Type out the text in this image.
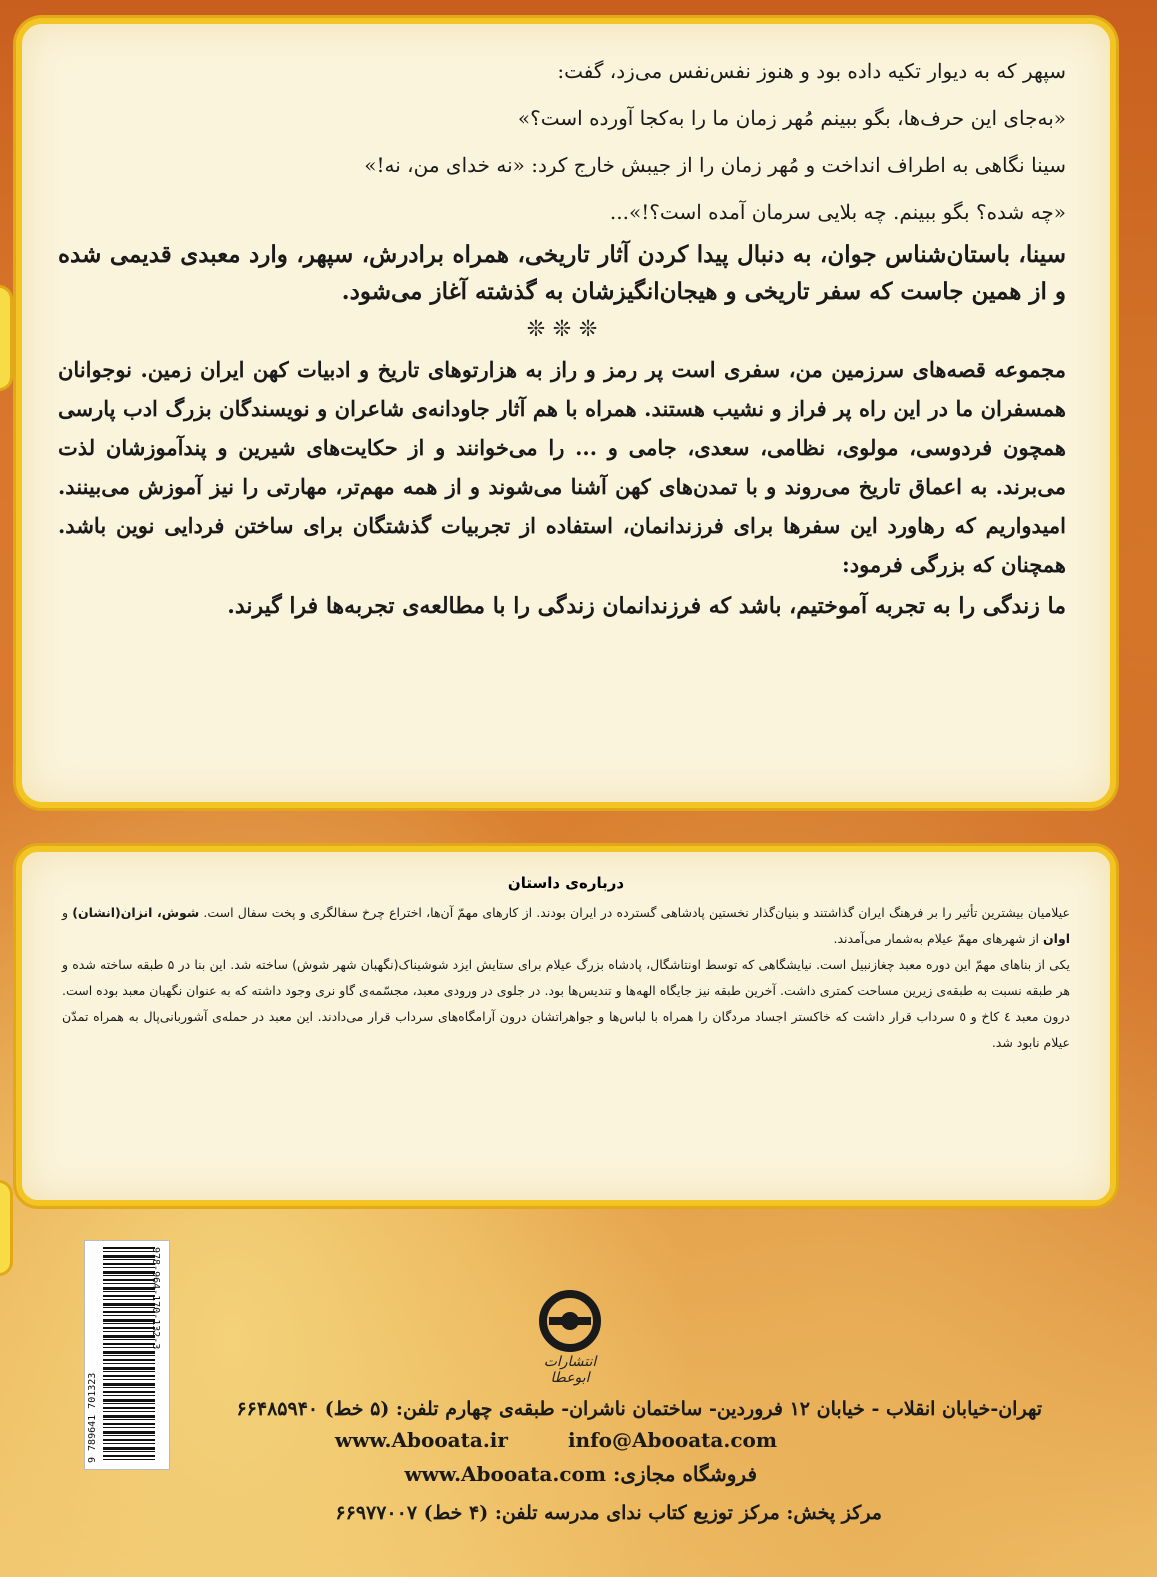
سپهر که به دیوار تکیه داده بود و هنوز نفس‌نفس می‌زد، گفت:

«به‌جای این حرف‌ها، بگو ببینم مُهر زمان ما را به‌کجا آورده است؟»

سینا نگاهی به اطراف انداخت و مُهر زمان را از جیبش خارج کرد: «نه خدای من، نه!»

«چه شده؟ بگو ببینم. چه بلایی سرمان آمده است؟!»...

سینا، باستان‌شناس جوان، به دنبال پیدا کردن آثار تاریخی، همراه برادرش، سپهر، وارد معبدی قدیمی شده و از همین جاست که سفر تاریخی و هیجان‌انگیزشان به گذشته آغاز می‌شود.

❊ ❊ ❊

مجموعه قصه‌های سرزمین من، سفری است پر رمز و راز به هزارتوهای تاریخ و ادبیات کهن ایران زمین. نوجوانان همسفران ما در این راه پر فراز و نشیب هستند. همراه با هم آثار جاودانه‌ی شاعران و نویسندگان بزرگ ادب پارسی همچون فردوسی، مولوی، نظامی، سعدی، جامی و ... را می‌خوانند و از حکایت‌های شیرین و پندآموزشان لذت می‌برند. به اعماق تاریخ می‌روند و با تمدن‌های کهن آشنا می‌شوند و از همه مهم‌تر، مهارتی را نیز آموزش می‌بینند. امیدواریم که رهاورد این سفرها برای فرزندانمان، استفاده از تجربیات گذشتگان برای ساختن فردایی نوین باشد. همچنان که بزرگی فرمود:

ما زندگی را به تجربه آموختیم، باشد که فرزندانمان زندگی را با مطالعه‌ی تجربه‌ها فرا گیرند.

درباره‌ی داستان

عیلامیان بیشترین تأثیر را بر فرهنگ ایران گذاشتند و بنیان‌گذار نخستین پادشاهی گسترده در ایران بودند. از کارهای مهمّ آن‌ها، اختراع چرخ سفالگری و پخت سفال است. شوش، انزان(انشان) و اوان از شهرهای مهمّ عیلام به‌شمار می‌آمدند.

یکی از بناهای مهمّ این دوره معبد چغازنبیل است. نیایشگاهی که توسط اونتاشگال، پادشاه بزرگ عیلام برای ستایش ایزد شوشیناک(نگهبان شهر شوش) ساخته شد. این بنا در ۵ طبقه ساخته شده و هر طبقه نسبت به طبقه‌ی زیرین مساحت کمتری داشت. آخرین طبقه نیز جایگاه الهه‌ها و تندیس‌ها بود. در جلوی در ورودی معبد، مجسّمه‌ی گاو نری وجود داشته که به عنوان نگهبان معبد بوده است. درون معبد ٤ کاخ و ٥ سرداب قرار داشت که خاکستر اجساد مردگان را همراه با لباس‌ها و جواهراتشان درون آرامگاه‌های سرداب قرار می‌دادند. این معبد در حمله‌ی آشوربانی‌پال به همراه تمدّن عیلام نابود شد.

978-964-170-132-3
9 789641 701323
انتشارات ابوعطا
تهران-خیابان انقلاب - خیابان ۱۲ فروردین- ساختمان ناشران- طبقه‌ی چهارم تلفن: (۵ خط) ۶۶۴۸۵۹۴۰
www.Abooata.ir	info@Abooata.com
فروشگاه مجازی: www.Abooata.com
مرکز پخش: مرکز توزیع کتاب ندای مدرسه تلفن: (۴ خط) ۶۶۹۷۷۰۰۷
